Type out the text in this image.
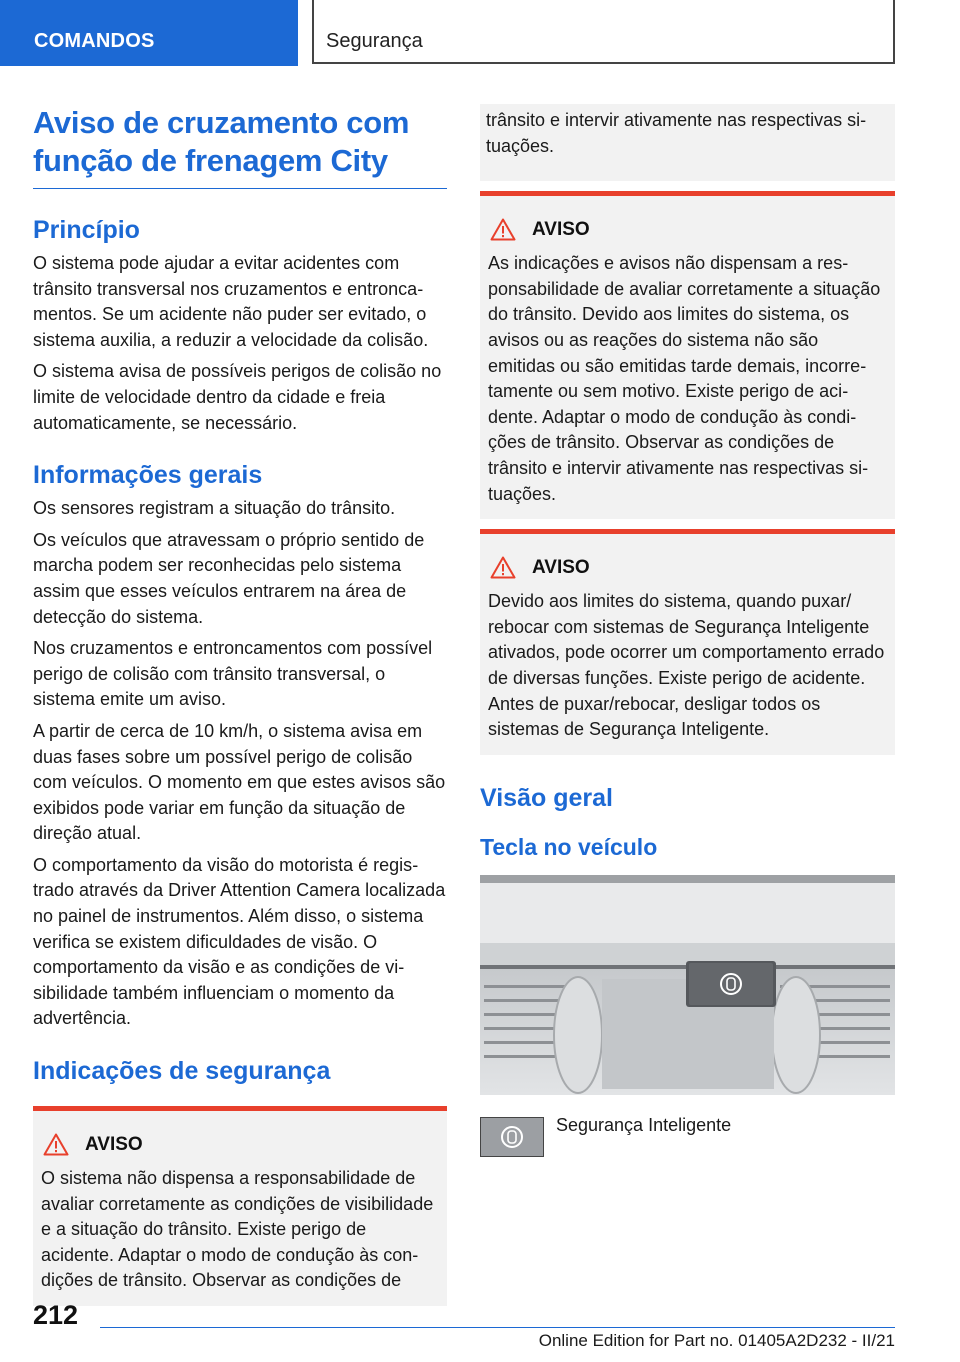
COMANDOS	Segurança
Aviso de cruzamento com função de frenagem City
Princípio

O sistema pode ajudar a evitar acidentes com trânsito transversal nos cruzamentos e entroncamentos. Se um acidente não puder ser evitado, o sistema auxilia, a reduzir a velocidade da colisão.

O sistema avisa de possíveis perigos de colisão no limite de velocidade dentro da cidade e freia automaticamente, se necessário.

Informações gerais

Os sensores registram a situação do trânsito.

Os veículos que atravessam o próprio sentido de marcha podem ser reconhecidas pelo sistema assim que esses veículos entrarem na área de detecção do sistema.

Nos cruzamentos e entroncamentos com possível perigo de colisão com trânsito transversal, o sistema emite um aviso.

A partir de cerca de 10 km/h, o sistema avisa em duas fases sobre um possível perigo de colisão com veículos. O momento em que estes avisos são exibidos pode variar em função da situação de direção atual.

O comportamento da visão do motorista é registrado através da Driver Attention Camera localizada no painel de instrumentos. Além disso, o sistema verifica se existem dificuldades de visão. O comportamento da visão e as condições de visibilidade também influenciam o momento da advertência.

Indicações de segurança
AVISO

O sistema não dispensa a responsabilidade de avaliar corretamente as condições de visibilidade e a situação do trânsito. Existe perigo de acidente. Adaptar o modo de condução às condições de trânsito. Observar as condições de

trânsito e intervir ativamente nas respectivas situações.

AVISO

As indicações e avisos não dispensam a responsabilidade de avaliar corretamente a situação do trânsito. Devido aos limites do sistema, os avisos ou as reações do sistema não são emitidas ou são emitidas tarde demais, incorretamente ou sem motivo. Existe perigo de acidente. Adaptar o modo de condução às condições de trânsito. Observar as condições de trânsito e intervir ativamente nas respectivas situações.

AVISO

Devido aos limites do sistema, quando puxar/ rebocar com sistemas de Segurança Inteligente ativados, pode ocorrer um comportamento errado de diversas funções. Existe perigo de acidente. Antes de puxar/rebocar, desligar todos os sistemas de Segurança Inteligente.

Visão geral
Tecla no veículo

Segurança Inteligente

212
Online Edition for Part no. 01405A2D232 - II/21
